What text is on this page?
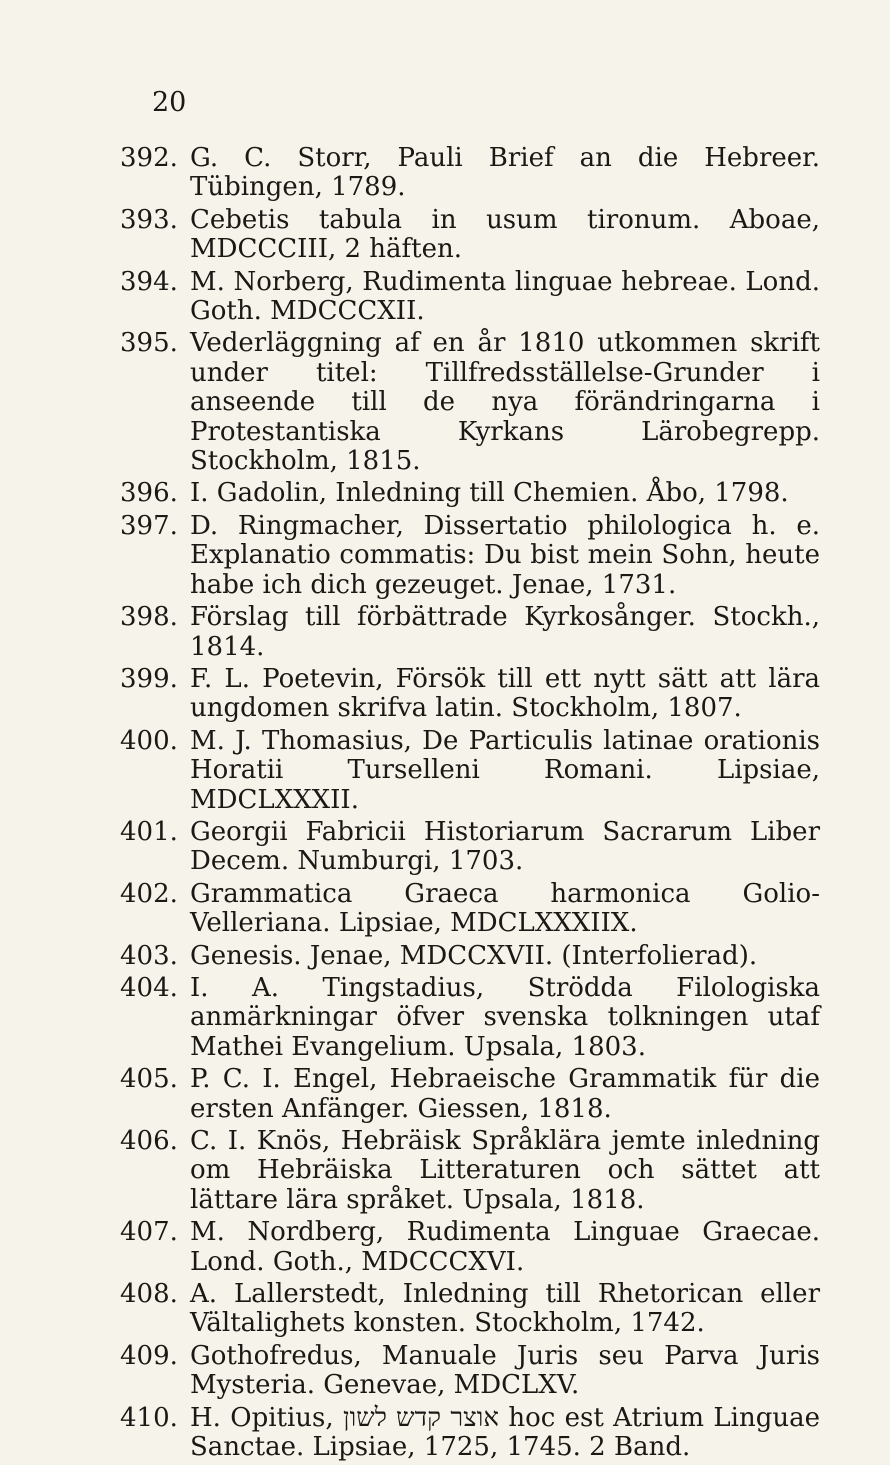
20
392. G. C. Storr, Pauli Brief an die Hebreer. Tübingen, 1789.
393. Cebetis tabula in usum tironum. Aboae, MDCCCIII, 2 häften.
394. M. Norberg, Rudimenta linguae hebreae. Lond. Goth. MDCCCXII.
395. Vederläggning af en år 1810 utkommen skrift under titel: Tillfredsställelse-Grunder i anseende till de nya förändringarna i Protestantiska Kyrkans Lärobegrepp. Stockholm, 1815.
396. I. Gadolin, Inledning till Chemien. Åbo, 1798.
397. D. Ringmacher, Dissertatio philologica h. e. Explanatio commatis: Du bist mein Sohn, heute habe ich dich gezeuget. Jenae, 1731.
398. Förslag till förbättrade Kyrkosånger. Stockh., 1814.
399. F. L. Poetevin, Försök till ett nytt sätt att lära ungdomen skrifva latin. Stockholm, 1807.
400. M. J. Thomasius, De Particulis latinae orationis Horatii Turselleni Romani. Lipsiae, MDCLXXXII.
401. Georgii Fabricii Historiarum Sacrarum Liber Decem. Numburgi, 1703.
402. Grammatica Graeca harmonica Golio-Velleriana. Lipsiae, MDCLXXXIIX.
403. Genesis. Jenae, MDCCXVII. (Interfolierad).
404. I. A. Tingstadius, Strödda Filologiska anmärkningar öfver svenska tolkningen utaf Mathei Evangelium. Upsala, 1803.
405. P. C. I. Engel, Hebraeische Grammatik für die ersten Anfänger. Giessen, 1818.
406. C. I. Knös, Hebräisk Språklära jemte inledning om Hebräiska Litteraturen och sättet att lättare lära språket. Upsala, 1818.
407. M. Nordberg, Rudimenta Linguae Graecae. Lond. Goth., MDCCCXVI.
408. A. Lallerstedt, Inledning till Rhetorican eller Vältalighets konsten. Stockholm, 1742.
409. Gothofredus, Manuale Juris seu Parva Juris Mysteria. Genevae, MDCLXV.
410. H. Opitius, אוצר קדש לשון hoc est Atrium Linguae Sanctae. Lipsiae, 1725, 1745. 2 Band.
